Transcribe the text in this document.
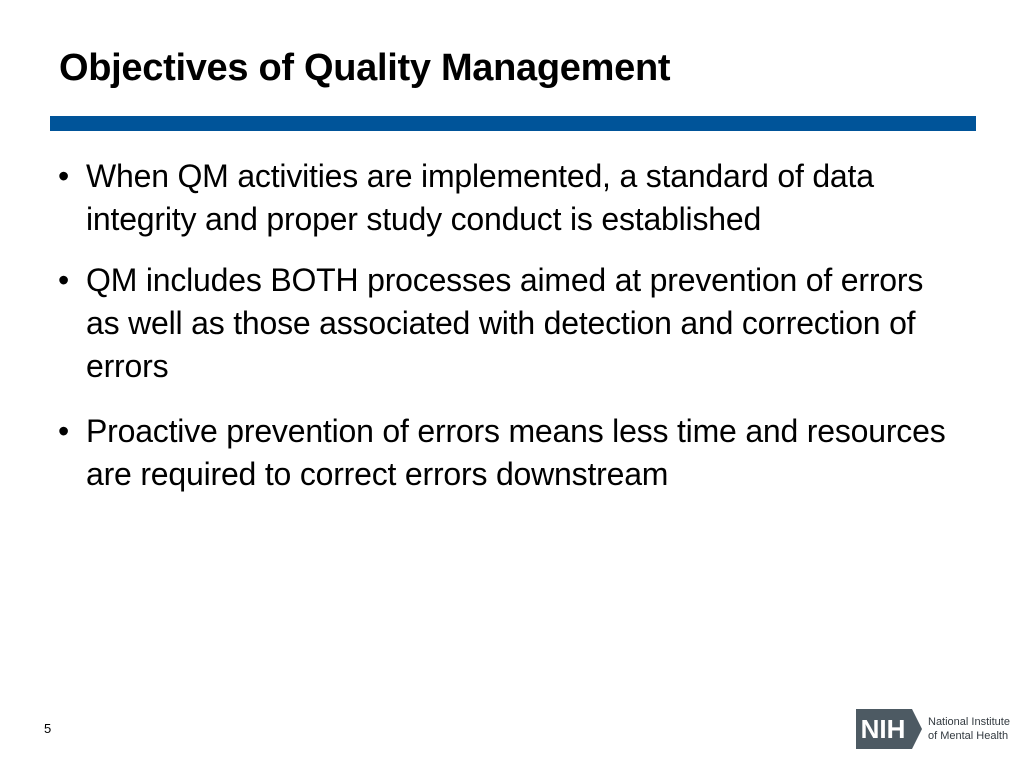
Objectives of Quality Management
• When QM activities are implemented, a standard of data integrity and proper study conduct is established
• QM includes BOTH processes aimed at prevention of errors as well as those associated with detection and correction of errors
• Proactive prevention of errors means less time and resources are required to correct errors downstream
5	NIH National Institute
of Mental Health
